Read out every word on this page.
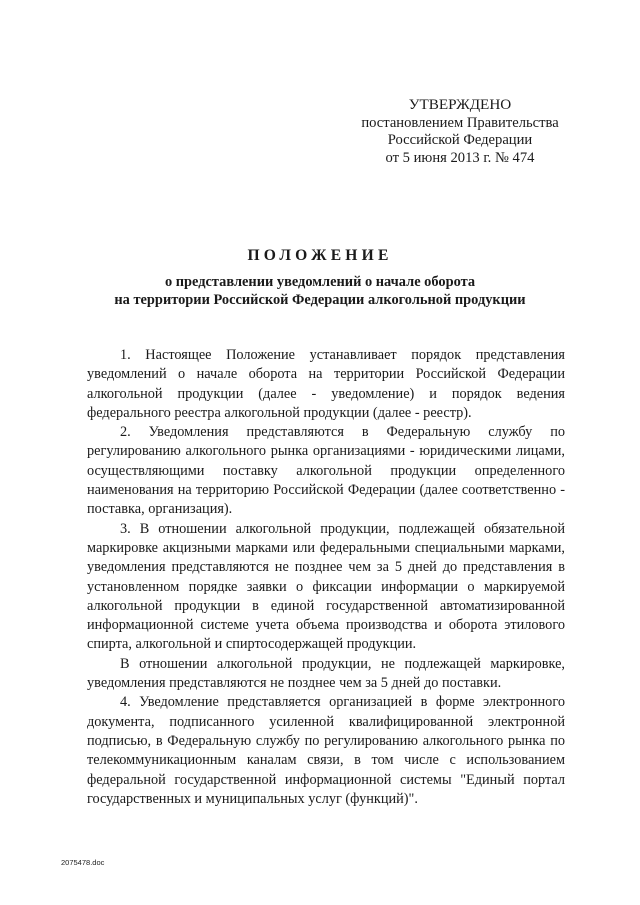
УТВЕРЖДЕНО
постановлением Правительства
Российской Федерации
от 5 июня 2013 г. № 474
ПОЛОЖЕНИЕ
о представлении уведомлений о начале оборота
на территории Российской Федерации алкогольной продукции

1. Настоящее Положение устанавливает порядок представления уведомлений о начале оборота на территории Российской Федерации алкогольной продукции (далее - уведомление) и порядок ведения федерального реестра алкогольной продукции (далее - реестр).

2. Уведомления представляются в Федеральную службу по регулированию алкогольного рынка организациями - юридическими лицами, осуществляющими поставку алкогольной продукции определенного наименования на территорию Российской Федерации (далее соответственно - поставка, организация).

3. В отношении алкогольной продукции, подлежащей обязательной маркировке акцизными марками или федеральными специальными марками, уведомления представляются не позднее чем за 5 дней до представления в установленном порядке заявки о фиксации информации о маркируемой алкогольной продукции в единой государственной автоматизированной информационной системе учета объема производства и оборота этилового спирта, алкогольной и спиртосодержащей продукции.

В отношении алкогольной продукции, не подлежащей маркировке, уведомления представляются не позднее чем за 5 дней до поставки.

4. Уведомление представляется организацией в форме электронного документа, подписанного усиленной квалифицированной электронной подписью, в Федеральную службу по регулированию алкогольного рынка по телекоммуникационным каналам связи, в том числе с использованием федеральной государственной информационной системы "Единый портал государственных и муниципальных услуг (функций)".

2075478.doc
